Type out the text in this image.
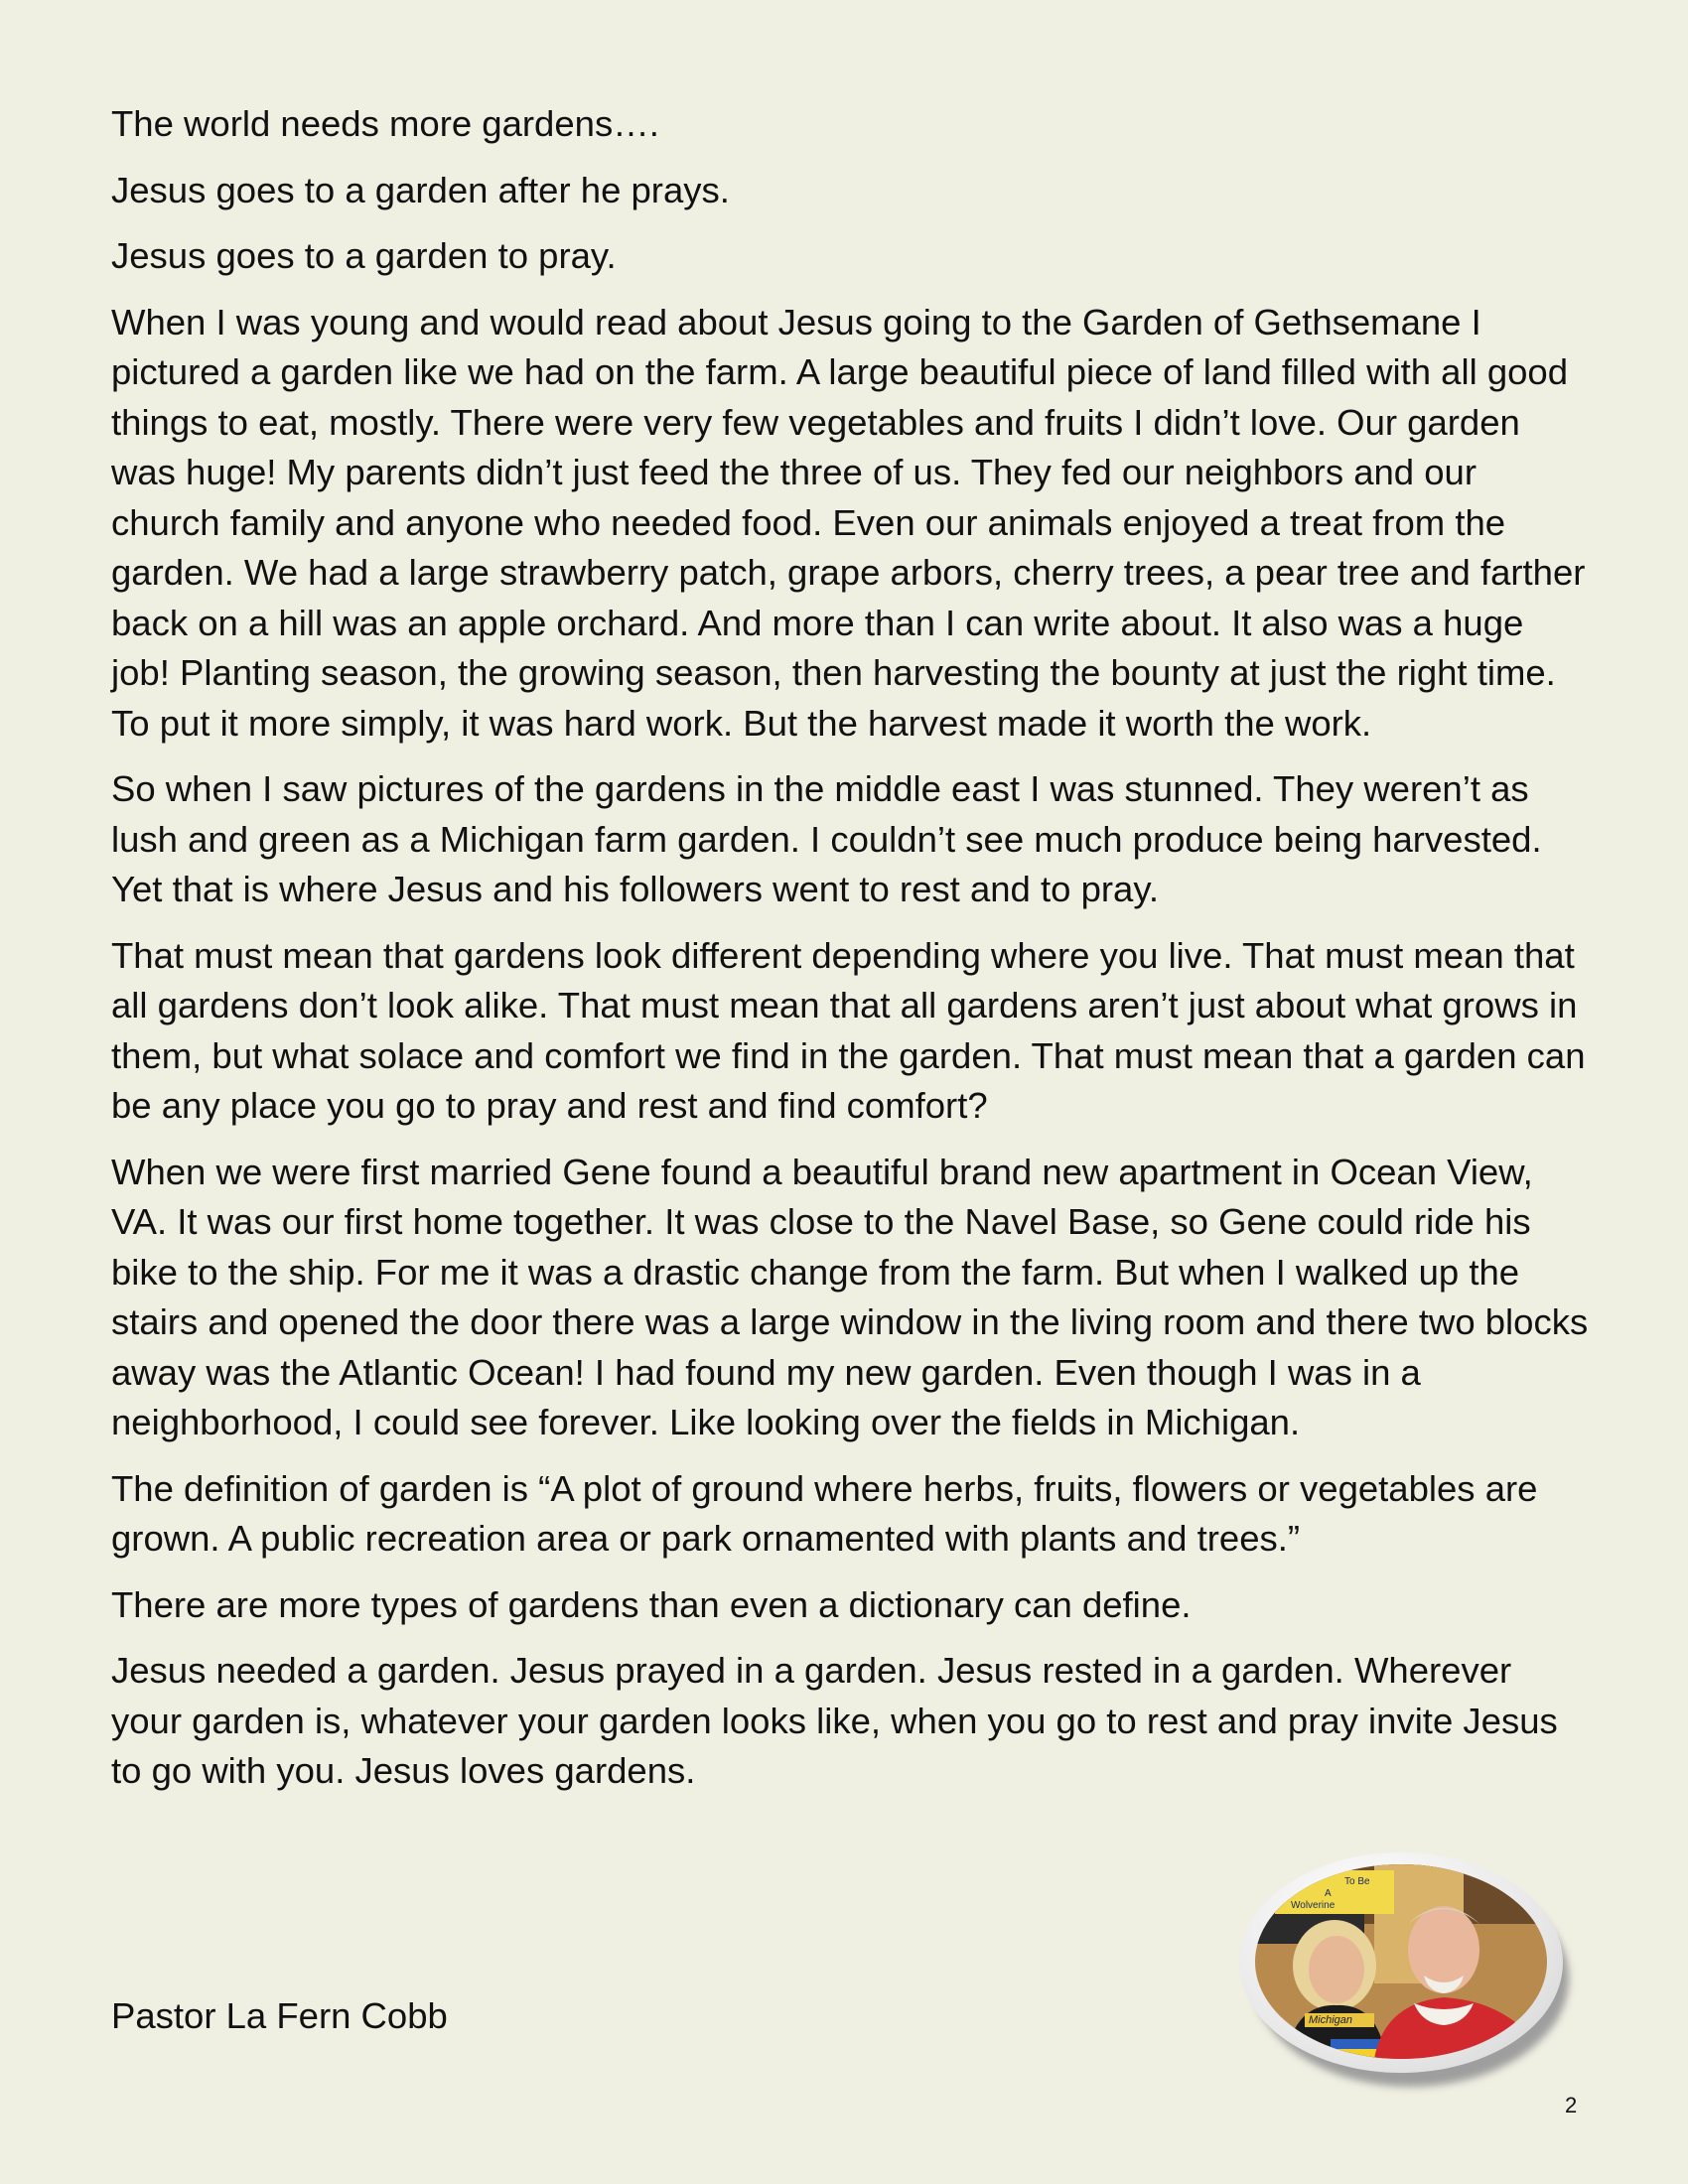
The world needs more gardens….

Jesus goes to a garden after he prays.

Jesus goes to a garden to pray.

When I was young and would read about Jesus going to the Garden of Gethsemane I pictured a garden like we had on the farm. A large beautiful piece of land filled with all good things to eat, mostly. There were very few vegetables and fruits I didn’t love. Our garden was huge! My parents didn’t just feed the three of us. They fed our neighbors and our church family and anyone who needed food. Even our animals enjoyed a treat from the garden. We had a large strawberry patch, grape arbors, cherry trees, a pear tree and farther back on a hill was an apple orchard. And more than I can write about. It also was a huge job! Planting season, the growing season, then harvesting the bounty at just the right time. To put it more simply, it was hard work. But the harvest made it worth the work.

So when I saw pictures of the gardens in the middle east I was stunned. They weren’t as lush and green as a Michigan farm garden. I couldn’t see much produce being harvested. Yet that is where Jesus and his followers went to rest and to pray.

That must mean that gardens look different depending where you live. That must mean that all gardens don’t look alike. That must mean that all gardens aren’t just about what grows in them, but what solace and comfort we find in the garden. That must mean that a garden can be any place you go to pray and rest and find comfort?

When we were first married Gene found a beautiful brand new apartment in Ocean View, VA. It was our first home together. It was close to the Navel Base, so Gene could ride his bike to the ship. For me it was a drastic change from the farm. But when I walked up the stairs and opened the door there was a large window in the living room and there two blocks away was the Atlantic Ocean! I had found my new garden. Even though I was in a neighborhood, I could see forever. Like looking over the fields in Michigan.

The definition of garden is “A plot of ground where herbs, fruits, flowers or vegetables are grown. A public recreation area or park ornamented with plants and trees.”

There are more types of gardens than even a dictionary can define.

Jesus needed a garden. Jesus prayed in a garden. Jesus rested in a garden. Wherever your garden is, whatever your garden looks like, when you go to rest and pray invite Jesus to go with you. Jesus loves gardens.

Pastor La Fern Cobb

To Be
A
Wolverine
Michigan
2
